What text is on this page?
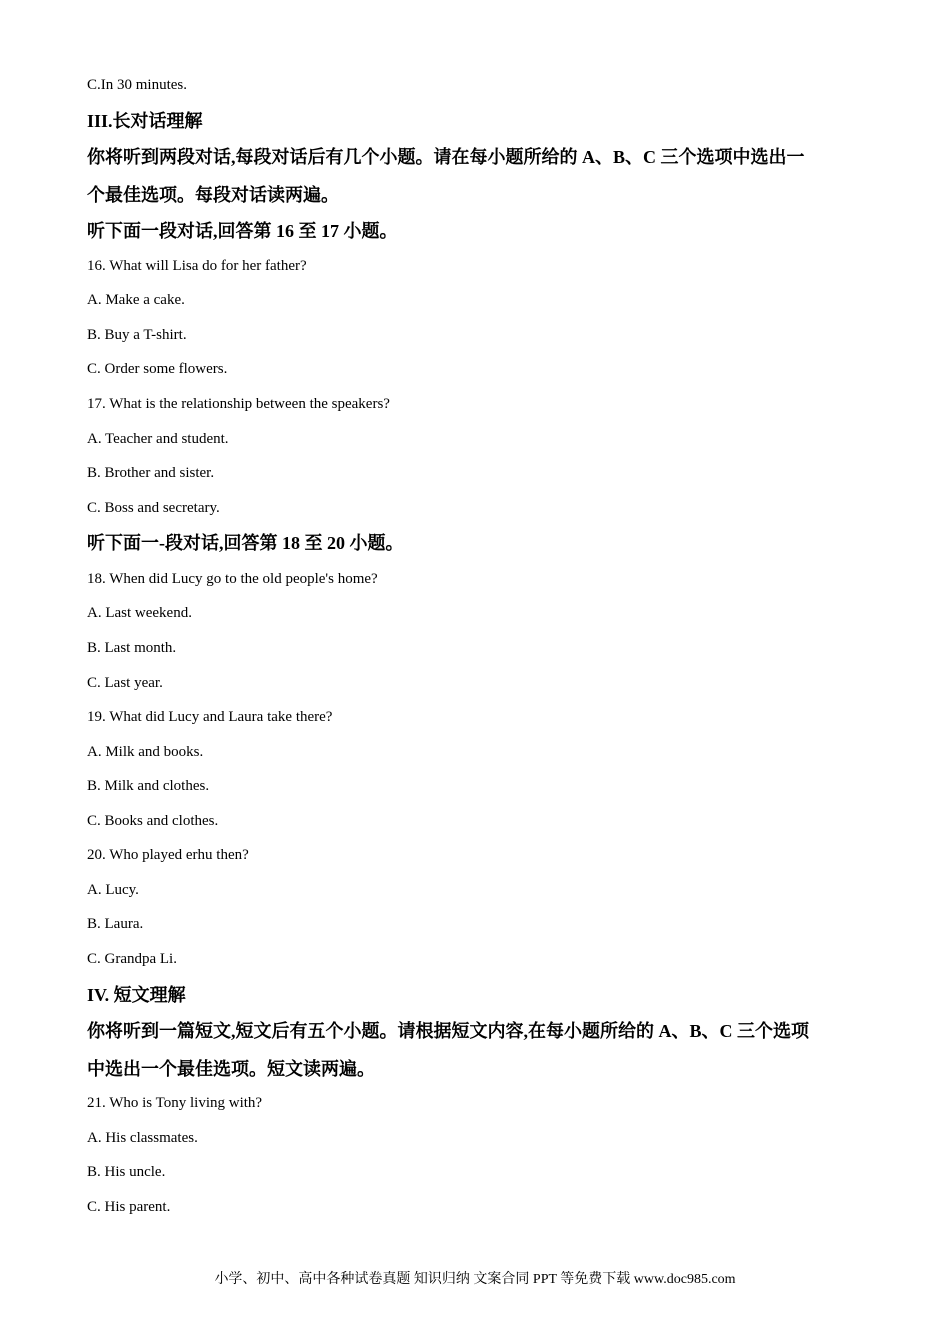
C.In 30 minutes.
III.长对话理解
你将听到两段对话,每段对话后有几个小题。请在每小题所给的 A、B、C 三个选项中选出一
个最佳选项。每段对话读两遍。
听下面一段对话,回答第 16 至 17 小题。
16. What will Lisa do for her father?
A. Make a cake.
B. Buy a T-shirt.
C. Order some flowers.
17. What is the relationship between the speakers?
A. Teacher and student.
B. Brother and sister.
C. Boss and secretary.
听下面一-段对话,回答第 18 至 20 小题。
18. When did Lucy go to the old people's home?
A. Last weekend.
B. Last month.
C. Last year.
19. What did Lucy and Laura take there?
A. Milk and books.
B. Milk and clothes.
C. Books and clothes.
20. Who played erhu then?
A. Lucy.
B. Laura.
C. Grandpa Li.
IV. 短文理解
你将听到一篇短文,短文后有五个小题。请根据短文内容,在每小题所给的 A、B、C 三个选项
中选出一个最佳选项。短文读两遍。
21. Who is Tony living with?
A. His classmates.
B. His uncle.
C. His parent.
小学、初中、高中各种试卷真题 知识归纳 文案合同 PPT 等免费下载 www.doc985.com
